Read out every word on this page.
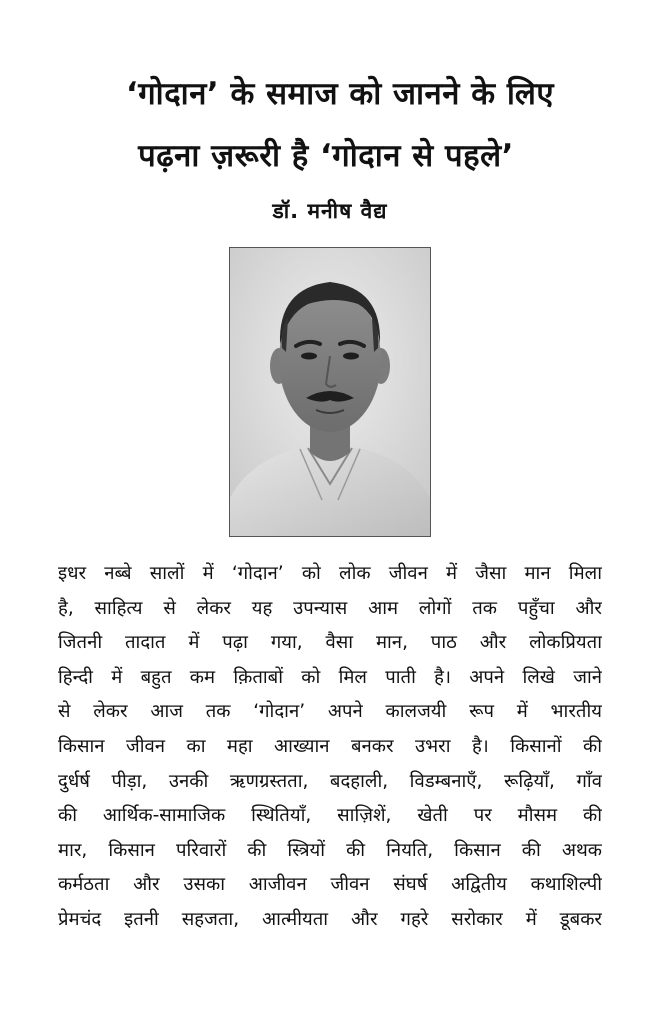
‘गोदान’ के समाज को जानने के लिए
पढ़ना ज़रूरी है ‘गोदान से पहले’
डॉ. मनीष वैद्य
इधर नब्बे सालों में ‘गोदान’ को लोक जीवन में जैसा मान मिला
है, साहित्य से लेकर यह उपन्यास आम लोगों तक पहुँचा और
जितनी तादात में पढ़ा गया, वैसा मान, पाठ और लोकप्रियता
हिन्दी में बहुत कम क़िताबों को मिल पाती है। अपने लिखे जाने
से लेकर आज तक ‘गोदान’ अपने कालजयी रूप में भारतीय
किसान जीवन का महा आख्यान बनकर उभरा है। किसानों की
दुर्धर्ष पीड़ा, उनकी ऋणग्रस्तता, बदहाली, विडम्बनाएँ, रूढ़ियाँ, गाँव
की आर्थिक-सामाजिक स्थितियाँ, साज़िशें, खेती पर मौसम की
मार, किसान परिवारों की स्त्रियों की नियति, किसान की अथक
कर्मठता और उसका आजीवन जीवन संघर्ष अद्वितीय कथाशिल्पी
प्रेमचंद इतनी सहजता, आत्मीयता और गहरे सरोकार में डूबकर
